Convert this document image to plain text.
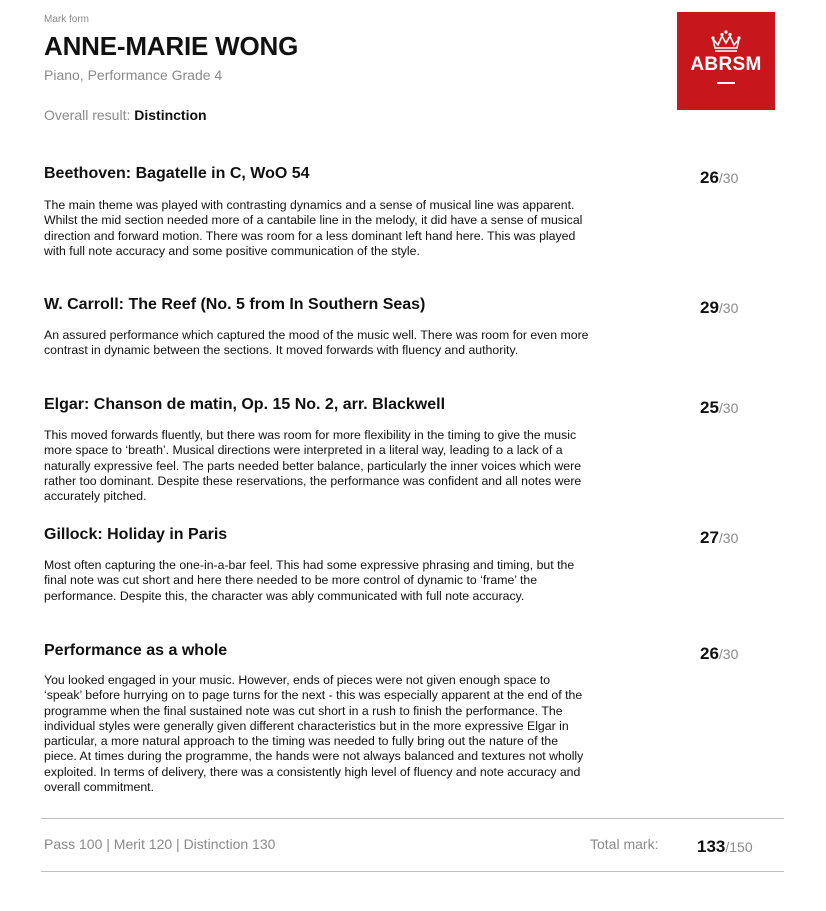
Mark form
ANNE-MARIE WONG
Piano, Performance Grade 4
Overall result: Distinction
ABRSM
Beethoven: Bagatelle in C, WoO 54	26/30

The main theme was played with contrasting dynamics and a sense of musical line was apparent. Whilst the mid section needed more of a cantabile line in the melody, it did have a sense of musical direction and forward motion. There was room for a less dominant left hand here. This was played with full note accuracy and some positive communication of the style.

W. Carroll: The Reef (No. 5 from In Southern Seas)	29/30

An assured performance which captured the mood of the music well. There was room for even more contrast in dynamic between the sections. It moved forwards with fluency and authority.

Elgar: Chanson de matin, Op. 15 No. 2, arr. Blackwell	25/30

This moved forwards fluently, but there was room for more flexibility in the timing to give the music more space to ‘breath’. Musical directions were interpreted in a literal way, leading to a lack of a naturally expressive feel. The parts needed better balance, particularly the inner voices which were rather too dominant. Despite these reservations, the performance was confident and all notes were accurately pitched.

Gillock: Holiday in Paris	27/30

Most often capturing the one-in-a-bar feel. This had some expressive phrasing and timing, but the final note was cut short and here there needed to be more control of dynamic to ‘frame’ the performance. Despite this, the character was ably communicated with full note accuracy.

Performance as a whole	26/30

You looked engaged in your music. However, ends of pieces were not given enough space to ‘speak’ before hurrying on to page turns for the next - this was especially apparent at the end of the programme when the final sustained note was cut short in a rush to finish the performance. The individual styles were generally given different characteristics but in the more expressive Elgar in particular, a more natural approach to the timing was needed to fully bring out the nature of the piece. At times during the programme, the hands were not always balanced and textures not wholly exploited. In terms of delivery, there was a consistently high level of fluency and note accuracy and overall commitment.

Pass 100 | Merit 120 | Distinction 130	Total mark: 133/150
